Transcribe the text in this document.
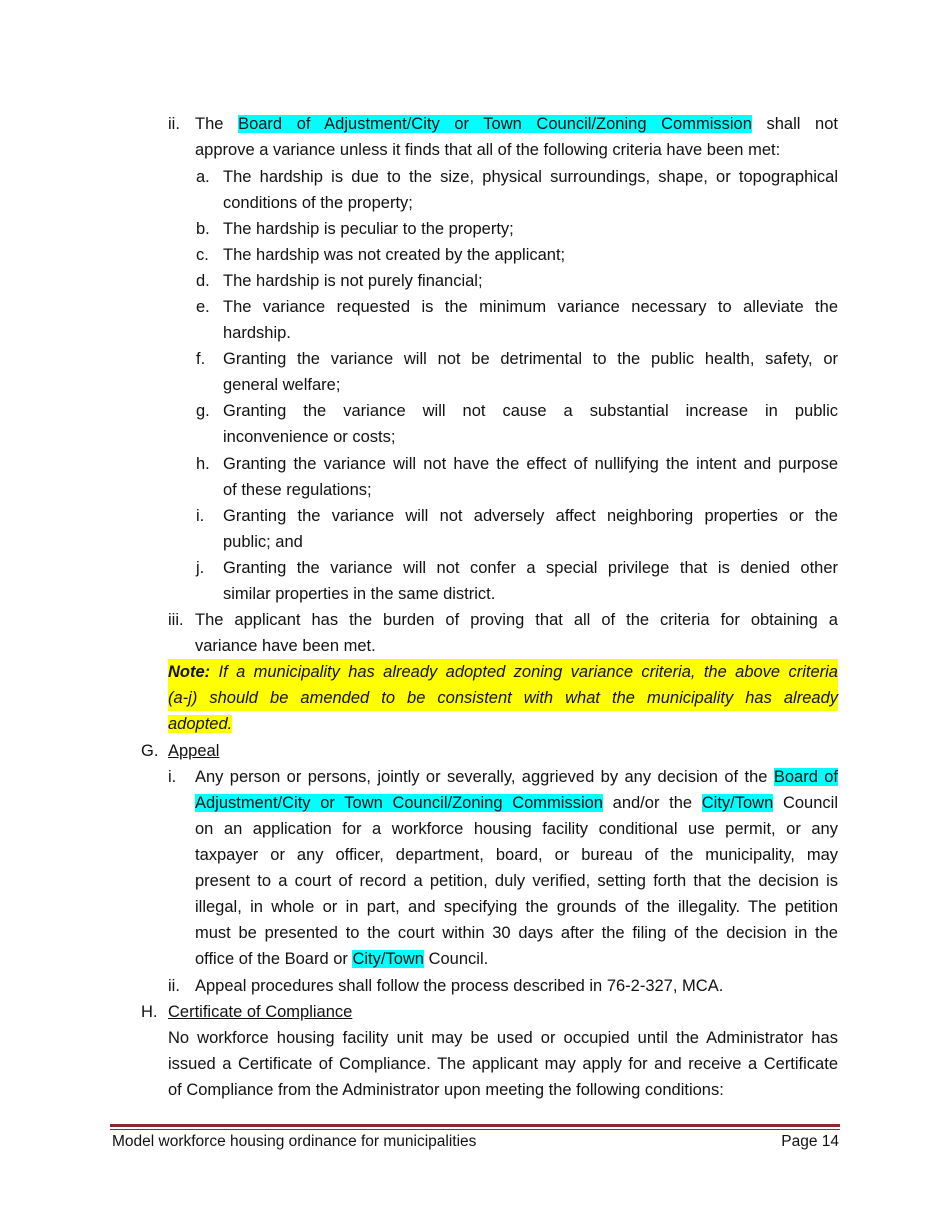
ii. The Board of Adjustment/City or Town Council/Zoning Commission shall not
approve a variance unless it finds that all of the following criteria have been met:
a. The hardship is due to the size, physical surroundings, shape, or topographical
conditions of the property;
b. The hardship is peculiar to the property;
c. The hardship was not created by the applicant;
d. The hardship is not purely financial;
e. The variance requested is the minimum variance necessary to alleviate the
hardship.
f. Granting the variance will not be detrimental to the public health, safety, or
general welfare;
g. Granting the variance will not cause a substantial increase in public
inconvenience or costs;
h. Granting the variance will not have the effect of nullifying the intent and purpose
of these regulations;
i. Granting the variance will not adversely affect neighboring properties or the
public; and
j. Granting the variance will not confer a special privilege that is denied other
similar properties in the same district.
iii. The applicant has the burden of proving that all of the criteria for obtaining a
variance have been met.
Note: If a municipality has already adopted zoning variance criteria, the above criteria
(a-j) should be amended to be consistent with what the municipality has already
adopted.
G. Appeal
i. Any person or persons, jointly or severally, aggrieved by any decision of the Board of
Adjustment/City or Town Council/Zoning Commission and/or the City/Town Council
on an application for a workforce housing facility conditional use permit, or any
taxpayer or any officer, department, board, or bureau of the municipality, may
present to a court of record a petition, duly verified, setting forth that the decision is
illegal, in whole or in part, and specifying the grounds of the illegality. The petition
must be presented to the court within 30 days after the filing of the decision in the
office of the Board or City/Town Council.
ii. Appeal procedures shall follow the process described in 76-2-327, MCA.
H. Certificate of Compliance
No workforce housing facility unit may be used or occupied until the Administrator has
issued a Certificate of Compliance. The applicant may apply for and receive a Certificate
of Compliance from the Administrator upon meeting the following conditions:
Model workforce housing ordinance for municipalities	Page 14
